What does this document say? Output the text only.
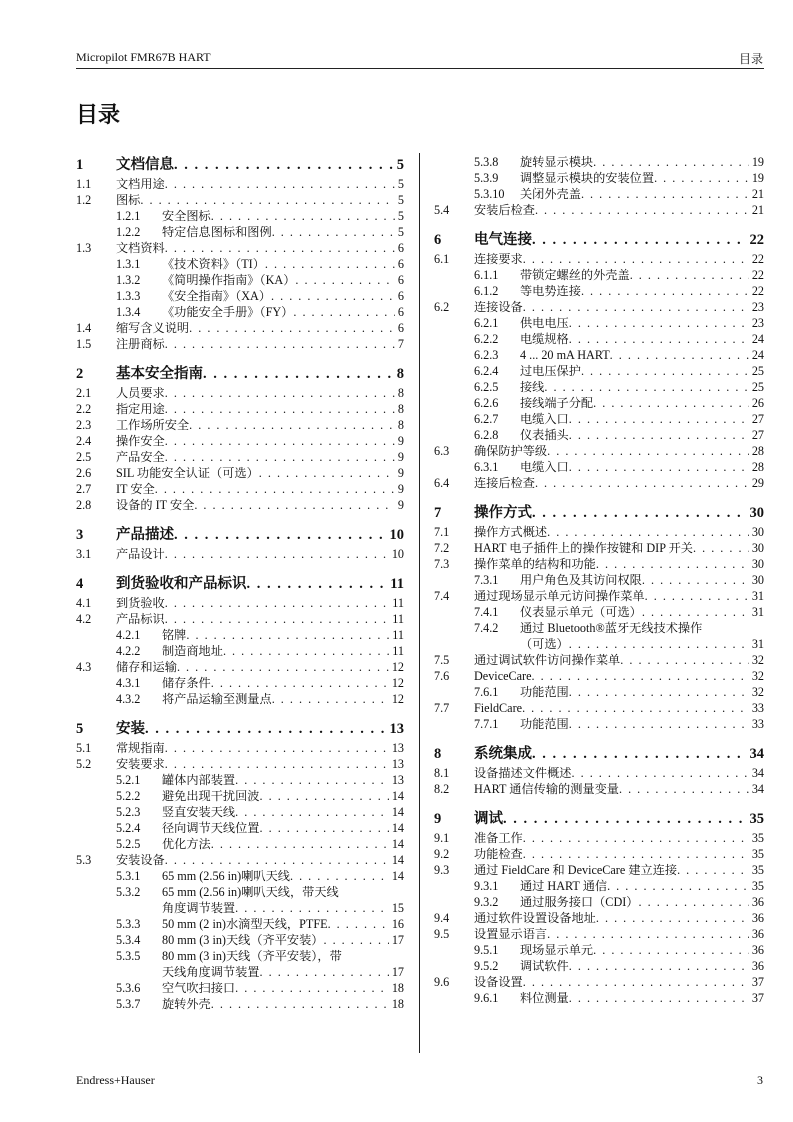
Micropilot FMR67B HART	目录
目录
1 文档信息 . . .	5
1.1 文档用途 . . .	5
1.2 图标 . . .	5
1.2.1 安全图标 . . .	5
1.2.2 特定信息图标和图例 . . .	5
1.3 文档资料 . . .	6
1.3.1 《技术资料》（TI） . . .	6
1.3.2 《简明操作指南》（KA） . . .	6
1.3.3 《安全指南》（XA） . . .	6
1.3.4 《功能安全手册》（FY） . . .	6
1.4 缩写含义说明 . . .	6
1.5 注册商标 . . .	7
2 基本安全指南 . . .	8
2.1 人员要求 . . .	8
2.2 指定用途 . . .	8
2.3 工作场所安全 . . .	8
2.4 操作安全 . . .	9
2.5 产品安全 . . .	9
2.6 SIL 功能安全认证（可选） . . .	9
2.7 IT 安全 . . .	9
2.8 设备的 IT 安全 . . .	9
3 产品描述 . . .	10
3.1 产品设计 . . .	10
4 到货验收和产品标识 . . .	11
4.1 到货验收 . . .	11
4.2 产品标识 . . .	11
4.2.1 铭牌 . . .	11
4.2.2 制造商地址 . . .	11
4.3 储存和运输 . . .	12
4.3.1 储存条件 . . .	12
4.3.2 将产品运输至测量点 . . .	12
5 安装 . . .	13
5.1 常规指南 . . .	13
5.2 安装要求 . . .	13
5.2.1 罐体内部装置 . . .	13
5.2.2 避免出现干扰回波 . . .	14
5.2.3 竖直安装天线 . . .	14
5.2.4 径向调节天线位置 . . .	14
5.2.5 优化方法 . . .	14
5.3 安装设备 . . .	14
5.3.1 65 mm (2.56 in)喇叭天线 . . .	14
5.3.2 65 mm (2.56 in)喇叭天线，带天线
角度调节装置 . . .	15
5.3.3 50 mm (2 in)水滴型天线，PTFE . . .	16
5.3.4 80 mm (3 in)天线（齐平安装） . . .	17
5.3.5 80 mm (3 in)天线（齐平安装），带
天线角度调节装置 . . .	17
5.3.6 空气吹扫接口 . . .	18
5.3.7 旋转外壳 . . .	18
5.3.8 旋转显示模块 . . .	19
5.3.9 调整显示模块的安装位置 . . .	19
5.3.10 关闭外壳盖 . . .	21
5.4 安装后检查 . . .	21
6 电气连接 . . .	22
6.1 连接要求 . . .	22
6.1.1 带锁定螺丝的外壳盖 . . .	22
6.1.2 等电势连接 . . .	22
6.2 连接设备 . . .	23
6.2.1 供电电压 . . .	23
6.2.2 电缆规格 . . .	24
6.2.3 4 ... 20 mA HART . . .	24
6.2.4 过电压保护 . . .	25
6.2.5 接线 . . .	25
6.2.6 接线端子分配 . . .	26
6.2.7 电缆入口 . . .	27
6.2.8 仪表插头 . . .	27
6.3 确保防护等级 . . .	28
6.3.1 电缆入口 . . .	28
6.4 连接后检查 . . .	29
7 操作方式 . . .	30
7.1 操作方式概述 . . .	30
7.2 HART 电子插件上的操作按键和 DIP 开关 . . .	30
7.3 操作菜单的结构和功能 . . .	30
7.3.1 用户角色及其访问权限 . . .	30
7.4 通过现场显示单元访问操作菜单 . . .	31
7.4.1 仪表显示单元（可选） . . .	31
7.4.2 通过 Bluetooth®蓝牙无线技术操作
（可选） . . .	31
7.5 通过调试软件访问操作菜单 . . .	32
7.6 DeviceCare . . .	32
7.6.1 功能范围 . . .	32
7.7 FieldCare . . .	33
7.7.1 功能范围 . . .	33
8 系统集成 . . .	34
8.1 设备描述文件概述 . . .	34
8.2 HART 通信传输的测量变量 . . .	34
9 调试 . . .	35
9.1 准备工作 . . .	35
9.2 功能检查 . . .	35
9.3 通过 FieldCare 和 DeviceCare 建立连接 . . .	35
9.3.1 通过 HART 通信 . . .	35
9.3.2 通过服务接口（CDI） . . .	36
9.4 通过软件设置设备地址 . . .	36
9.5 设置显示语言 . . .	36
9.5.1 现场显示单元 . . .	36
9.5.2 调试软件 . . .	36
9.6 设备设置 . . .	37
9.6.1 料位测量 . . .	37
Endress+Hauser	3
